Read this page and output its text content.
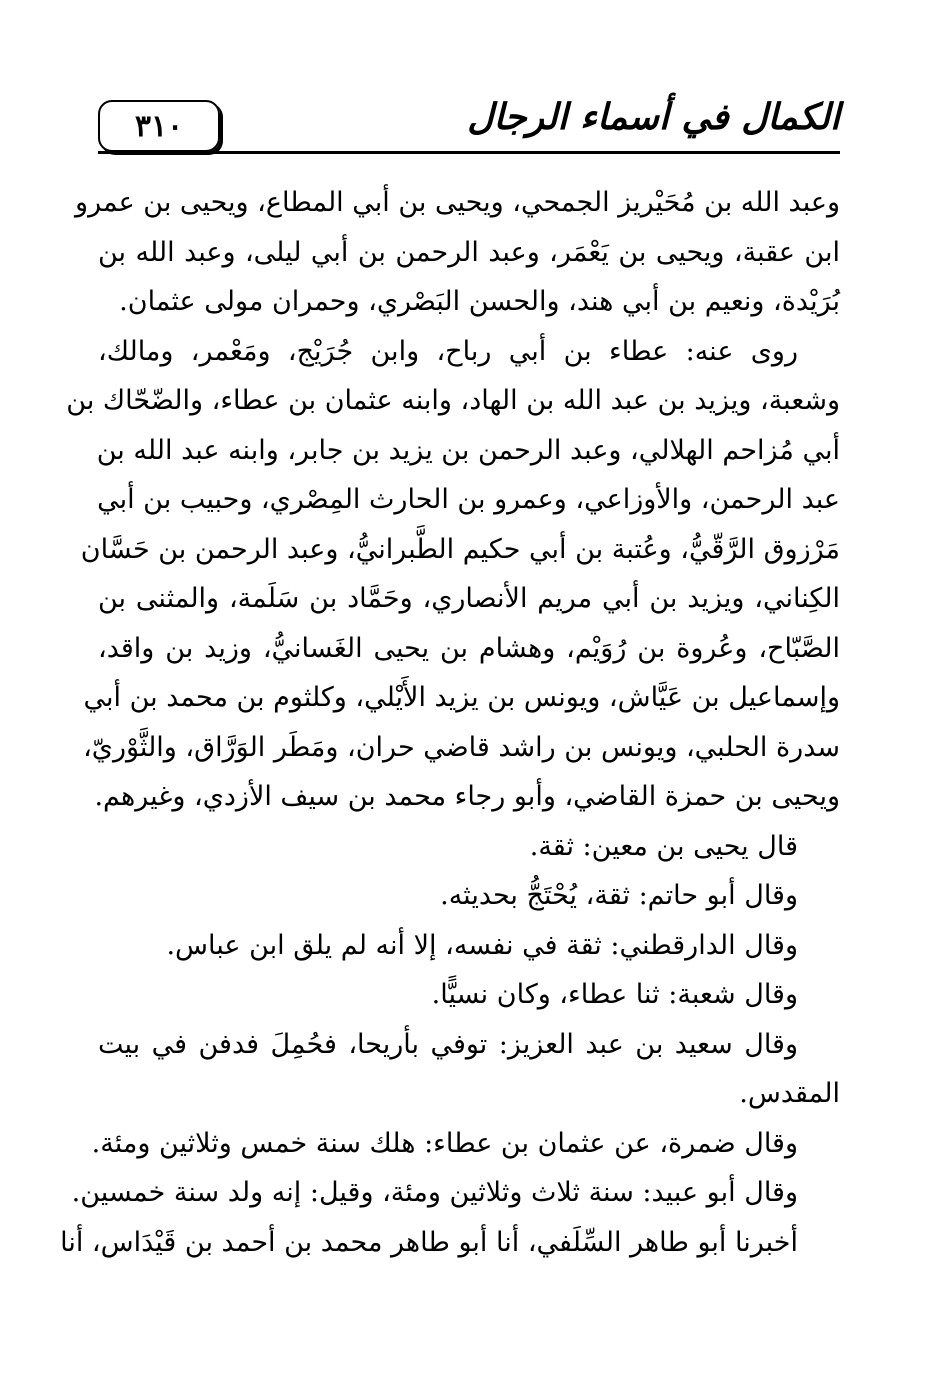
٣١٠	الكمال في أسماء الرجال
وعبد الله بن مُحَيْريز الجمحي، ويحيى بن أبي المطاع، ويحيى بن عمرو
ابن عقبة، ويحيى بن يَعْمَر، وعبد الرحمن بن أبي ليلى، وعبد الله بن
بُرَيْدة، ونعيم بن أبي هند، والحسن البَصْري، وحمران مولى عثمان.
روى عنه: عطاء بن أبي رباح، وابن جُرَيْج، ومَعْمر، ومالك،
وشعبة، ويزيد بن عبد الله بن الهاد، وابنه عثمان بن عطاء، والضّحّاك بن
أبي مُزاحم الهلالي، وعبد الرحمن بن يزيد بن جابر، وابنه عبد الله بن
عبد الرحمن، والأوزاعي، وعمرو بن الحارث المِصْري، وحبيب بن أبي
مَرْزوق الرَّقّيُّ، وعُتبة بن أبي حكيم الطَّبرانيُّ، وعبد الرحمن بن حَسَّان
الكِناني، ويزيد بن أبي مريم الأنصاري، وحَمَّاد بن سَلَمة، والمثنى بن
الصَّبّاح، وعُروة بن رُوَيْم، وهشام بن يحيى الغَسانيُّ، وزيد بن واقد،
وإسماعيل بن عَيَّاش، ويونس بن يزيد الأَيْلي، وكلثوم بن محمد بن أبي
سدرة الحلبي، ويونس بن راشد قاضي حران، ومَطَر الوَرَّاق، والثَّوْريّ،
ويحيى بن حمزة القاضي، وأبو رجاء محمد بن سيف الأزدي، وغيرهم.
قال يحيى بن معين: ثقة.
وقال أبو حاتم: ثقة، يُحْتَجُّ بحديثه.
وقال الدارقطني: ثقة في نفسه، إلا أنه لم يلق ابن عباس.
وقال شعبة: ثنا عطاء، وكان نسيًّا.
وقال سعيد بن عبد العزيز: توفي بأريحا، فحُمِلَ فدفن في بيت
المقدس.
وقال ضمرة، عن عثمان بن عطاء: هلك سنة خمس وثلاثين ومئة.
وقال أبو عبيد: سنة ثلاث وثلاثين ومئة، وقيل: إنه ولد سنة خمسين.
أخبرنا أبو طاهر السِّلَفي، أنا أبو طاهر محمد بن أحمد بن قَيْدَاس، أنا
